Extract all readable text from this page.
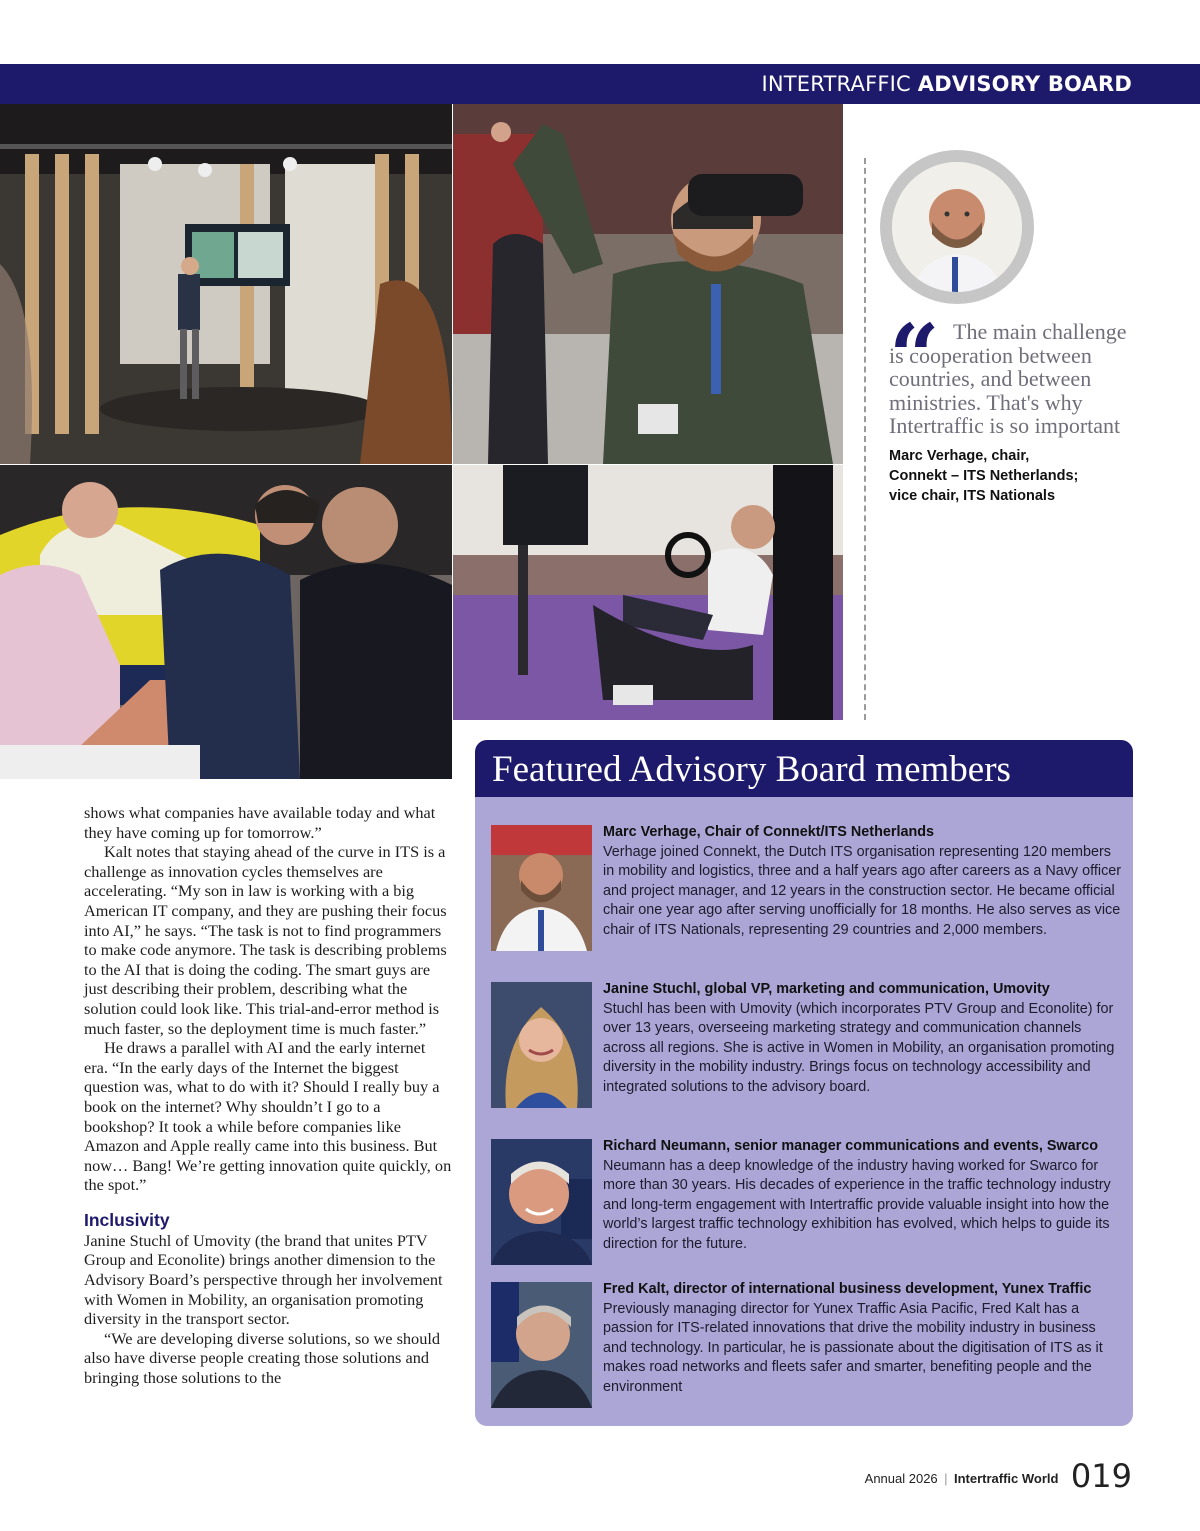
INTERTRAFFIC ADVISORY BOARD
“ The main challenge is cooperation between countries, and between ministries. That's why Intertraffic is so important
Marc Verhage, chair,
Connekt – ITS Netherlands;
vice chair, ITS Nationals

shows what companies have available today and what they have coming up for tomorrow.”

Kalt notes that staying ahead of the curve in ITS is a challenge as innovation cycles themselves are accelerating. “My son in law is working with a big American IT company, and they are pushing their focus into AI,” he says. “The task is not to find programmers to make code anymore. The task is describing problems to the AI that is doing the coding. The smart guys are just describing their problem, describing what the solution could look like. This trial-and-error method is much faster, so the deployment time is much faster.”

He draws a parallel with AI and the early internet era. “In the early days of the Internet the biggest question was, what to do with it? Should I really buy a book on the internet? Why shouldn’t I go to a bookshop? It took a while before companies like Amazon and Apple really came into this business. But now… Bang! We’re getting innovation quite quickly, on the spot.”

Inclusivity

Janine Stuchl of Umovity (the brand that unites PTV Group and Econolite) brings another dimension to the Advisory Board’s perspective through her involvement with Women in Mobility, an organisation promoting diversity in the transport sector.

“We are developing diverse solutions, so we should also have diverse people creating those solutions and bringing those solutions to the

Featured Advisory Board members
Marc Verhage, Chair of Connekt/ITS Netherlands
Verhage joined Connekt, the Dutch ITS organisation representing 120 members in mobility and logistics, three and a half years ago after careers as a Navy officer and project manager, and 12 years in the construction sector. He became official chair one year ago after serving unofficially for 18 months. He also serves as vice chair of ITS Nationals, representing 29 countries and 2,000 members.
Janine Stuchl, global VP, marketing and communication, Umovity
Stuchl has been with Umovity (which incorporates PTV Group and Econolite) for over 13 years, overseeing marketing strategy and communication channels across all regions. She is active in Women in Mobility, an organisation promoting diversity in the mobility industry. Brings focus on technology accessibility and integrated solutions to the advisory board.
Richard Neumann, senior manager communications and events, Swarco
Neumann has a deep knowledge of the industry having worked for Swarco for more than 30 years. His decades of experience in the traffic technology industry and long-term engagement with Intertraffic provide valuable insight into how the world’s largest traffic technology exhibition has evolved, which helps to guide its direction for the future.
Fred Kalt, director of international business development, Yunex Traffic
Previously managing director for Yunex Traffic Asia Pacific, Fred Kalt has a passion for ITS-related innovations that drive the mobility industry in business and technology. In particular, he is passionate about the digitisation of ITS as it makes road networks and fleets safer and smarter, benefiting people and the environment
Annual 2026 | Intertraffic World 019
